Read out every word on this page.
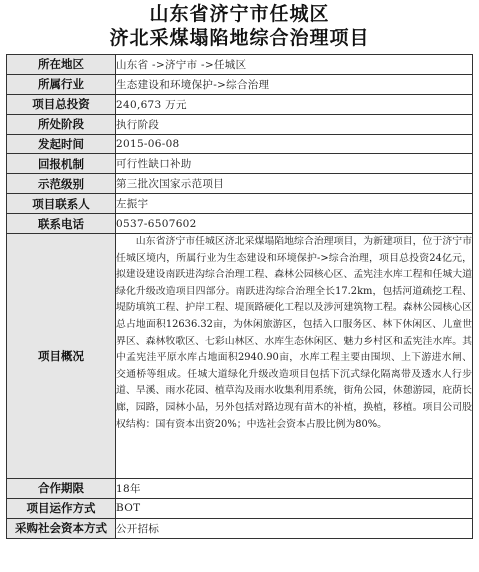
山东省济宁市任城区
济北采煤塌陷地综合治理项目
所在地区	山东省 ->济宁市 ->任城区
所属行业	生态建设和环境保护->综合治理
项目总投资	240,673 万元
所处阶段	执行阶段
发起时间	2015-06-08
回报机制	可行性缺口补助
示范级别	第三批次国家示范项目
项目联系人	左振宇
联系电话	0537-6507602
项目概况	山东省济宁市任城区济北采煤塌陷地综合治理项目，为新建项目，位于济宁市任城区境内，所属行业为生态建设和环境保护->综合治理，项目总投资24亿元，拟建设建设南跃进沟综合治理工程、森林公园核心区、孟宪洼水库工程和任城大道绿化升级改造项目四部分。南跃进沟综合治理全长17.2km，包括河道疏挖工程、堤防填筑工程、护岸工程、堤顶路硬化工程以及涉河建筑物工程。森林公园核心区总占地面积12636.32亩，为休闲旅游区，包括入口服务区、林下休闲区、儿童世界区、森林牧歌区、七彩山林区、水库生态休闲区、魅力乡村区和孟宪洼水库。其中孟宪洼平原水库占地面积2940.90亩，水库工程主要由围坝、上下游进水闸、交通桥等组成。任城大道绿化升级改造项目包括下沉式绿化隔离带及透水人行步道、旱溪、雨水花园、植草沟及雨水收集利用系统，街角公园，休憩游园，庇荫长廊，园路，园林小品，另外包括对路边现有苗木的补植，换植，移植。项目公司股权结构：国有资本出资20%；中选社会资本占股比例为80%。
合作期限	18年
项目运作方式	BOT
采购社会资本方式	公开招标
